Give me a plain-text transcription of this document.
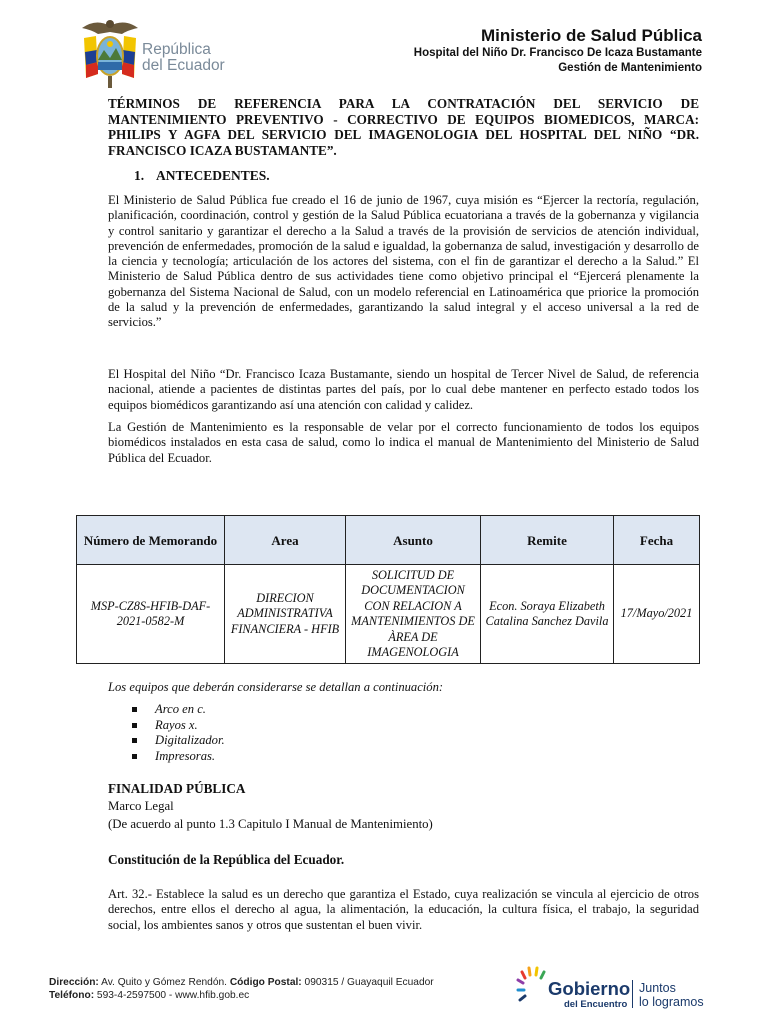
República
del Ecuador
Ministerio de Salud Pública
Hospital del Niño Dr. Francisco De Icaza Bustamante
Gestión de Mantenimiento
TÉRMINOS DE REFERENCIA PARA LA CONTRATACIÓN DEL SERVICIO DE MANTENIMIENTO PREVENTIVO - CORRECTIVO DE EQUIPOS BIOMEDICOS, MARCA: PHILIPS Y AGFA DEL SERVICIO DEL IMAGENOLOGIA DEL HOSPITAL DEL NIÑO “DR. FRANCISCO ICAZA BUSTAMANTE”.
1. ANTECEDENTES.
El Ministerio de Salud Pública fue creado el 16 de junio de 1967, cuya misión es “Ejercer la rectoría, regulación, planificación, coordinación, control y gestión de la Salud Pública ecuatoriana a través de la gobernanza y vigilancia y control sanitario y garantizar el derecho a la Salud a través de la provisión de servicios de atención individual, prevención de enfermedades, promoción de la salud e igualdad, la gobernanza de salud, investigación y desarrollo de la ciencia y tecnología; articulación de los actores del sistema, con el fin de garantizar el derecho a la Salud.” El Ministerio de Salud Pública dentro de sus actividades tiene como objetivo principal el “Ejercerá plenamente la gobernanza del Sistema Nacional de Salud, con un modelo referencial en Latinoamérica que priorice la promoción de la salud y la prevención de enfermedades, garantizando la salud integral y el acceso universal a la red de servicios.”
El Hospital del Niño “Dr. Francisco Icaza Bustamante, siendo un hospital de Tercer Nivel de Salud, de referencia nacional, atiende a pacientes de distintas partes del país, por lo cual debe mantener en perfecto estado todos los equipos biomédicos garantizando así una atención con calidad y calidez.
La Gestión de Mantenimiento es la responsable de velar por el correcto funcionamiento de todos los equipos biomédicos instalados en esta casa de salud, como lo indica el manual de Mantenimiento del Ministerio de Salud Pública del Ecuador.
Número de Memorando	Area	Asunto	Remite	Fecha
MSP-CZ8S-HFIB-DAF-2021-0582-M	DIRECION ADMINISTRATIVA FINANCIERA - HFIB	SOLICITUD DE DOCUMENTACION CON RELACION A MANTENIMIENTOS DE ÀREA DE IMAGENOLOGIA	Econ. Soraya Elizabeth Catalina Sanchez Davila	17/Mayo/2021
Los equipos que deberán considerarse se detallan a continuación:
Arco en c.
Rayos x.
Digitalizador.
Impresoras.
FINALIDAD PÚBLICA
Marco Legal
(De acuerdo al punto 1.3 Capitulo I Manual de Mantenimiento)
Constitución de la República del Ecuador.
Art. 32.- Establece la salud es un derecho que garantiza el Estado, cuya realización se vincula al ejercicio de otros derechos, entre ellos el derecho al agua, la alimentación, la educación, la cultura física, el trabajo, la seguridad social, los ambientes sanos y otros que sustentan el buen vivir.
Dirección: Av. Quito y Gómez Rendón. Código Postal: 090315 / Guayaquil Ecuador
Teléfono: 593-4-2597500 - www.hfib.gob.ec	Gobierno
del Encuentro
Juntos
lo logramos
